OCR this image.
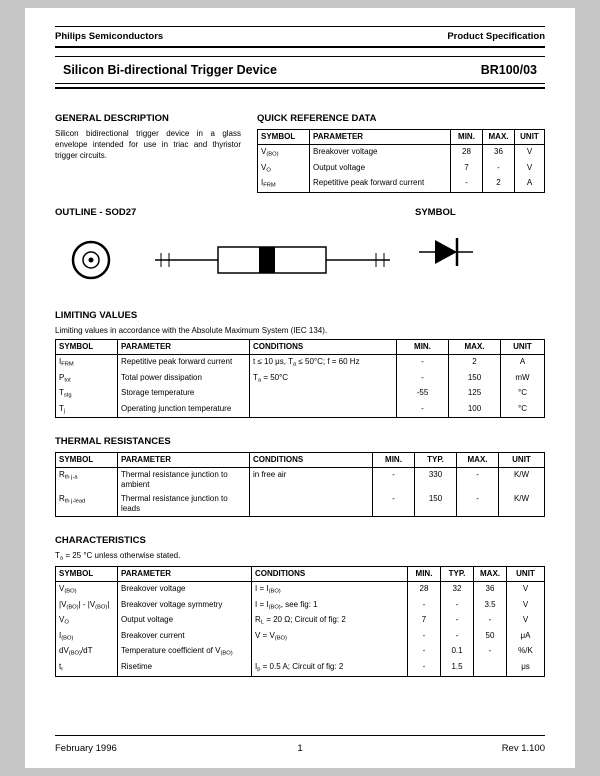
Philips Semiconductors	Product Specification
Silicon Bi-directional Trigger Device	BR100/03
GENERAL DESCRIPTION

Silicon bidirectional trigger device in a glass envelope intended for use in triac and thyristor trigger circuits.

QUICK REFERENCE DATA
SYMBOL	PARAMETER	MIN.	MAX.	UNIT
$V_{(BO)}$	Breakover voltage	28	36	V
$V_O$	Output voltage	7	-	V
$I_{FRM}$	Repetitive peak forward current	-	2	A
OUTLINE - SOD27	SYMBOL
LIMITING VALUES

Limiting values in accordance with the Absolute Maximum System (IEC 134).

SYMBOL	PARAMETER	CONDITIONS	MIN.	MAX.	UNIT
$I_{FRM}$	Repetitive peak forward current	t ≤ 10 μs, $T_a \le 50^\circ C$; f = 60 Hz	-	2	A
$P_{tot}$	Total power dissipation	$T_a = 50^\circ C$	-	150	mW
$T_{stg}$	Storage temperature		-55	125	°C
$T_j$	Operating junction temperature		-	100	°C
THERMAL RESISTANCES
SYMBOL	PARAMETER	CONDITIONS	MIN.	TYP.	MAX.	UNIT
$R_{th j-a}$	Thermal resistance junction to ambient	in free air	-	330	-	K/W
$R_{th j-lead}$	Thermal resistance junction to leads		-	150	-	K/W
CHARACTERISTICS

$T_a = 25$ °C unless otherwise stated.

SYMBOL	PARAMETER	CONDITIONS	MIN.	TYP.	MAX.	UNIT
$V_{(BO)}$	Breakover voltage	$I = I_{(BO)}$	28	32	36	V
$|V_{(BO)}| - |V_{(BO)}|$	Breakover voltage symmetry	$I = I_{(BO)}$, see fig: 1	-	-	3.5	V
$V_O$	Output voltage	$R_L = 20$ Ω; Circuit of fig: 2	7	-	-	V
$I_{(BO)}$	Breakover current	$V = V_{(BO)}$	-	-	50	μA
$dV_{(BO)}/dT$	Temperature coefficient of $V_{(BO)}$		-	0.1	-	%/K
$t_r$	Risetime	$I_p = 0.5$ A; Circuit of fig: 2	-	1.5		μs
February 1996	1	Rev 1.100
